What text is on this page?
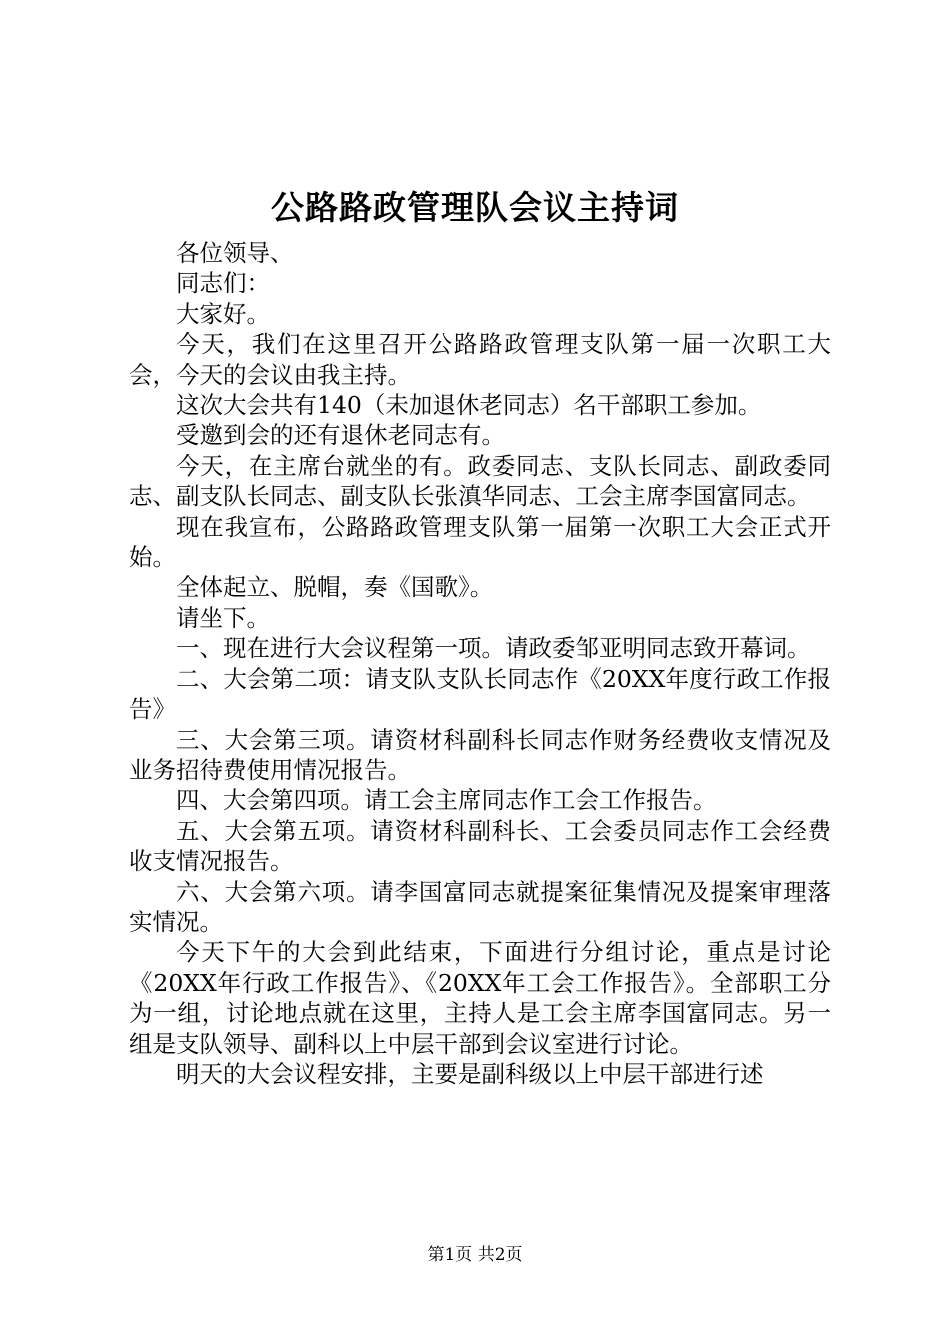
公路路政管理队会议主持词

各位领导、

同志们：

大家好。

今天，我们在这里召开公路路政管理支队第一届一次职工大会，今天的会议由我主持。

这次大会共有140（未加退休老同志）名干部职工参加。

受邀到会的还有退休老同志有。

今天，在主席台就坐的有。政委同志、支队长同志、副政委同志、副支队长同志、副支队长张滇华同志、工会主席李国富同志。

现在我宣布，公路路政管理支队第一届第一次职工大会正式开始。

全体起立、脱帽，奏《国歌》。

请坐下。

一、现在进行大会议程第一项。请政委邹亚明同志致开幕词。

二、大会第二项：请支队支队长同志作《20XX年度行政工作报告》

三、大会第三项。请资材科副科长同志作财务经费收支情况及业务招待费使用情况报告。

四、大会第四项。请工会主席同志作工会工作报告。

五、大会第五项。请资材科副科长、工会委员同志作工会经费收支情况报告。

六、大会第六项。请李国富同志就提案征集情况及提案审理落实情况。

今天下午的大会到此结束，下面进行分组讨论，重点是讨论《20XX年行政工作报告》、《20XX年工会工作报告》。全部职工分为一组，讨论地点就在这里，主持人是工会主席李国富同志。另一组是支队领导、副科以上中层干部到会议室进行讨论。

明天的大会议程安排，主要是副科级以上中层干部进行述

第1页 共2页
